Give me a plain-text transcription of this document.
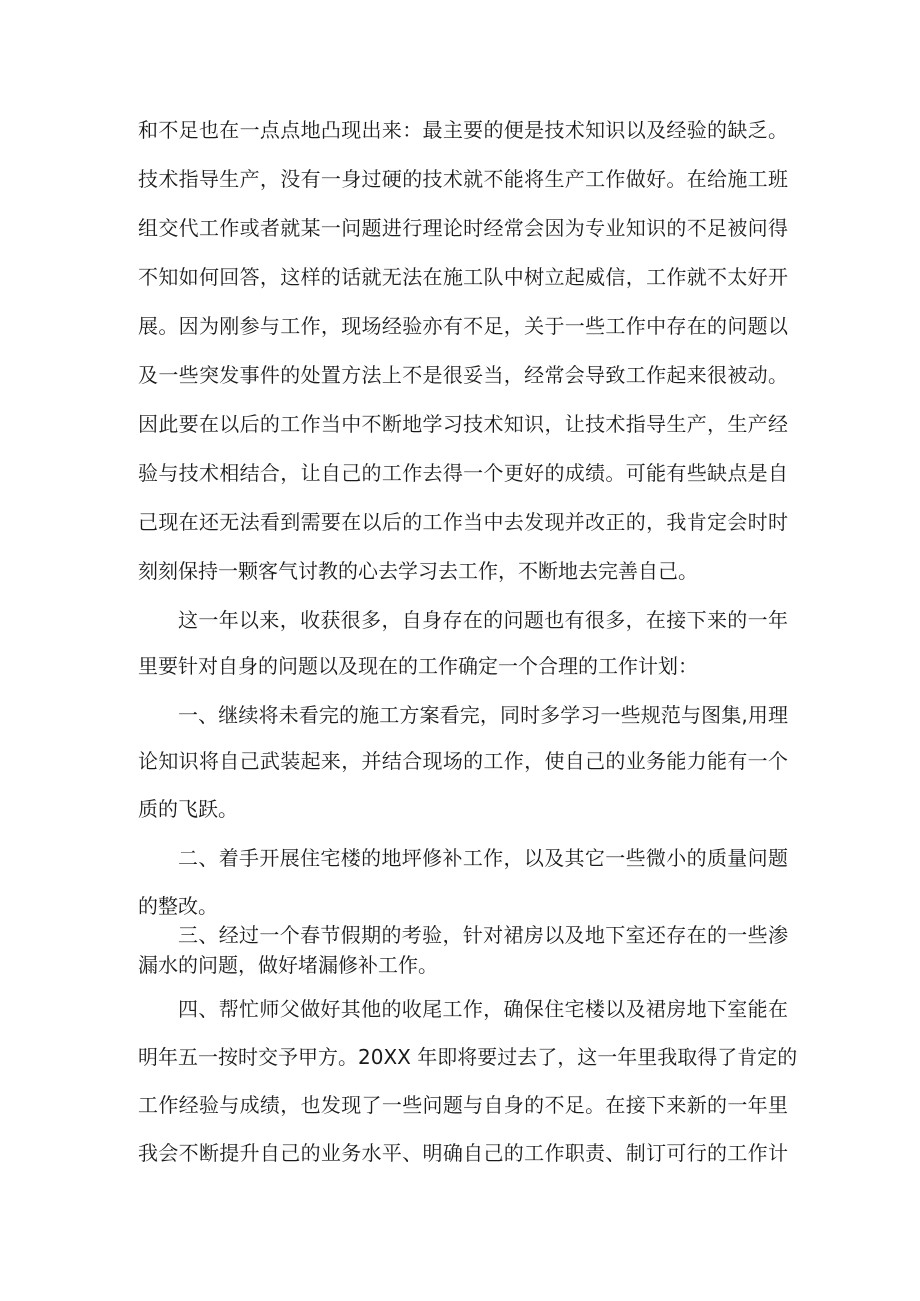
和不足也在一点点地凸现出来：最主要的便是技术知识以及经验的缺乏。
技术指导生产，没有一身过硬的技术就不能将生产工作做好。在给施工班
组交代工作或者就某一问题进行理论时经常会因为专业知识的不足被问得
不知如何回答，这样的话就无法在施工队中树立起威信，工作就不太好开
展。因为刚参与工作，现场经验亦有不足，关于一些工作中存在的问题以
及一些突发事件的处置方法上不是很妥当，经常会导致工作起来很被动。
因此要在以后的工作当中不断地学习技术知识，让技术指导生产，生产经
验与技术相结合，让自己的工作去得一个更好的成绩。可能有些缺点是自
己现在还无法看到需要在以后的工作当中去发现并改正的，我肯定会时时
刻刻保持一颗客气讨教的心去学习去工作，不断地去完善自己。
这一年以来，收获很多，自身存在的问题也有很多，在接下来的一年
里要针对自身的问题以及现在的工作确定一个合理的工作计划：
一、继续将未看完的施工方案看完，同时多学习一些规范与图集,用理
论知识将自己武装起来，并结合现场的工作，使自己的业务能力能有一个
质的飞跃。
二、着手开展住宅楼的地坪修补工作，以及其它一些微小的质量问题
的整改。
三、经过一个春节假期的考验，针对裙房以及地下室还存在的一些渗
漏水的问题，做好堵漏修补工作。
四、帮忙师父做好其他的收尾工作，确保住宅楼以及裙房地下室能在
明年五一按时交予甲方。20XX 年即将要过去了，这一年里我取得了肯定的
工作经验与成绩，也发现了一些问题与自身的不足。在接下来新的一年里
我会不断提升自己的业务水平、明确自己的工作职责、制订可行的工作计
